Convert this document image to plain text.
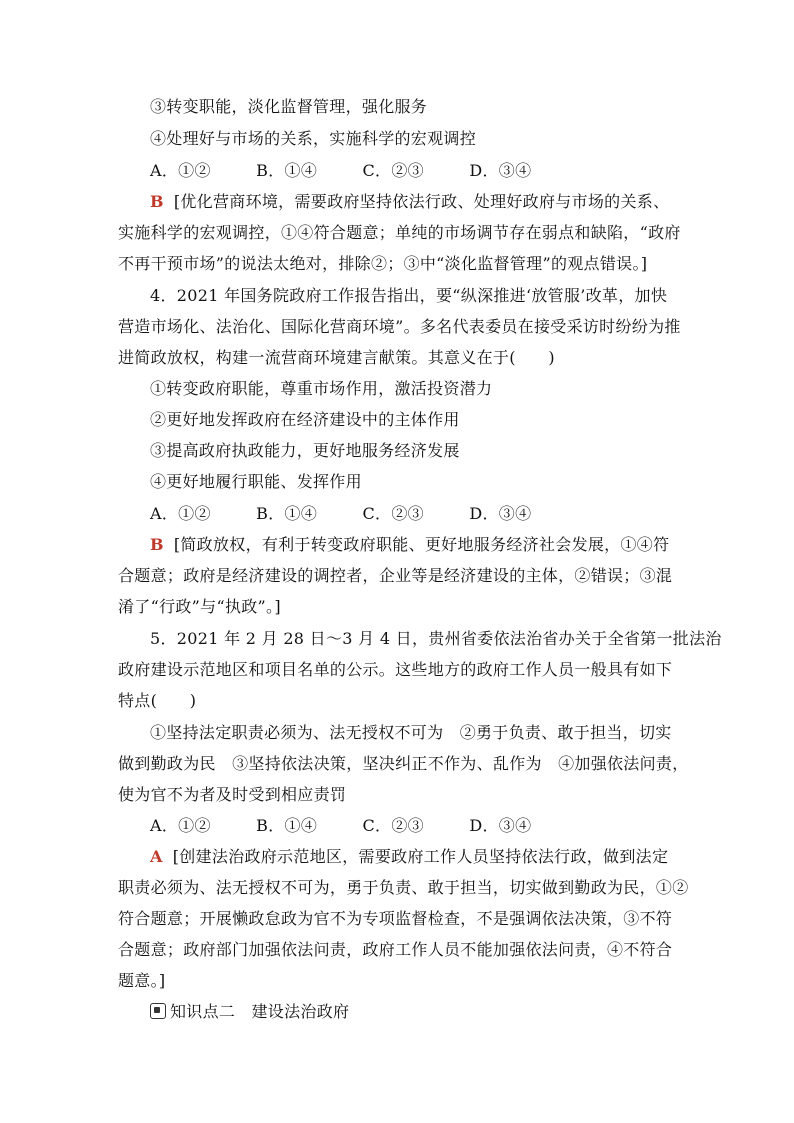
③转变职能，淡化监督管理，强化服务
④处理好与市场的关系，实施科学的宏观调控
A．①②	B．①④	C．②③	D．③④
B [优化营商环境，需要政府坚持依法行政、处理好政府与市场的关系、
实施科学的宏观调控，①④符合题意；单纯的市场调节存在弱点和缺陷，“政府
不再干预市场”的说法太绝对，排除②；③中“淡化监督管理”的观点错误。]
4．2021 年国务院政府工作报告指出，要“纵深推进‘放管服’改革，加快
营造市场化、法治化、国际化营商环境”。多名代表委员在接受采访时纷纷为推
进简政放权，构建一流营商环境建言献策。其意义在于(　　)
①转变政府职能，尊重市场作用，激活投资潜力
②更好地发挥政府在经济建设中的主体作用
③提高政府执政能力，更好地服务经济发展
④更好地履行职能、发挥作用
A．①②	B．①④	C．②③	D．③④
B [简政放权，有利于转变政府职能、更好地服务经济社会发展，①④符
合题意；政府是经济建设的调控者，企业等是经济建设的主体，②错误；③混
淆了“行政”与“执政”。]
5．2021 年 2 月 28 日～3 月 4 日，贵州省委依法治省办关于全省第一批法治
政府建设示范地区和项目名单的公示。这些地方的政府工作人员一般具有如下
特点(　　)
①坚持法定职责必须为、法无授权不可为　②勇于负责、敢于担当，切实
做到勤政为民　③坚持依法决策，坚决纠正不作为、乱作为　④加强依法问责，
使为官不为者及时受到相应责罚
A．①②	B．①④	C．②③	D．③④
A [创建法治政府示范地区，需要政府工作人员坚持依法行政，做到法定
职责必须为、法无授权不可为，勇于负责、敢于担当，切实做到勤政为民，①②
符合题意；开展懒政怠政为官不为专项监督检查，不是强调依法决策，③不符
合题意；政府部门加强依法问责，政府工作人员不能加强依法问责，④不符合
题意。]
知识点二　建设法治政府
